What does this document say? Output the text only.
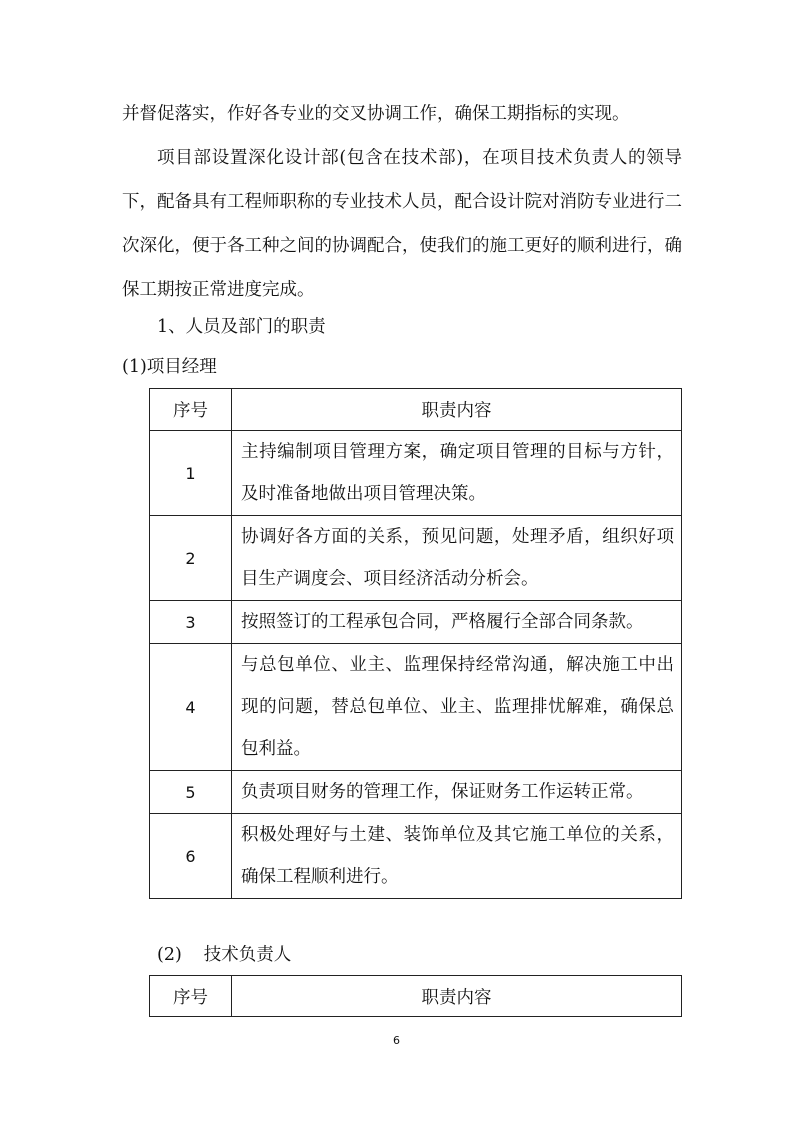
并督促落实，作好各专业的交叉协调工作，确保工期指标的实现。

项目部设置深化设计部(包含在技术部)，在项目技术负责人的领导下，配备具有工程师职称的专业技术人员，配合设计院对消防专业进行二次深化，便于各工种之间的协调配合，使我们的施工更好的顺利进行，确保工期按正常进度完成。

1、人员及部门的职责
(1)项目经理
序号	职责内容
1	主持编制项目管理方案，确定项目管理的目标与方针，及时准备地做出项目管理决策。
2	协调好各方面的关系，预见问题，处理矛盾，组织好项目生产调度会、项目经济活动分析会。
3	按照签订的工程承包合同，严格履行全部合同条款。
4	与总包单位、业主、监理保持经常沟通，解决施工中出现的问题，替总包单位、业主、监理排忧解难，确保总包利益。
5	负责项目财务的管理工作，保证财务工作运转正常。
6	积极处理好与土建、装饰单位及其它施工单位的关系，确保工程顺利进行。
(2) 技术负责人
序号	职责内容
6
